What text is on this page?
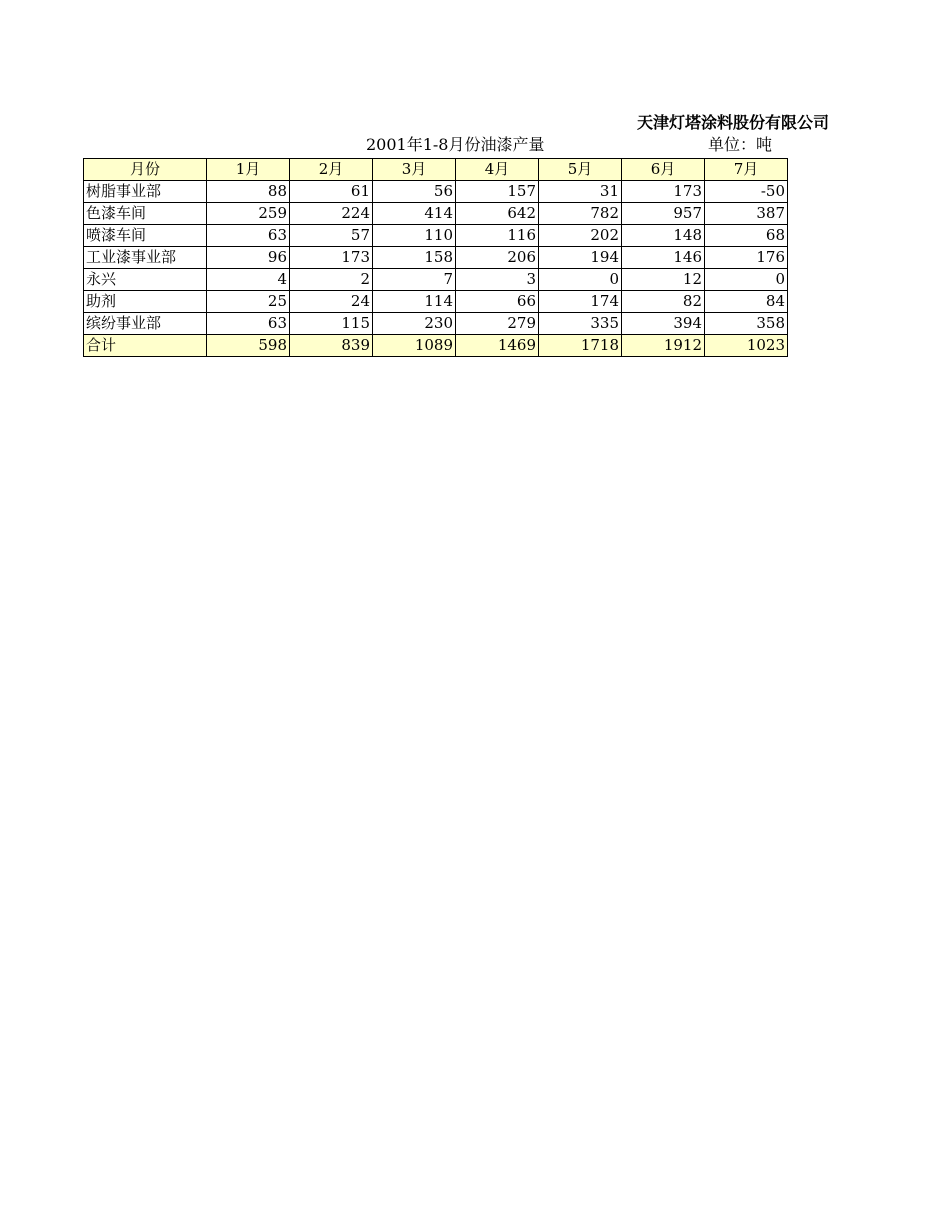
天津灯塔涂料股份有限公司
2001年1-8月份油漆产量	单位：吨
月份	1月	2月	3月	4月	5月	6月	7月
树脂事业部	88	61	56	157	31	173	-50
色漆车间	259	224	414	642	782	957	387
喷漆车间	63	57	110	116	202	148	68
工业漆事业部	96	173	158	206	194	146	176
永兴	4	2	7	3	0	12	0
助剂	25	24	114	66	174	82	84
缤纷事业部	63	115	230	279	335	394	358
合计	598	839	1089	1469	1718	1912	1023
